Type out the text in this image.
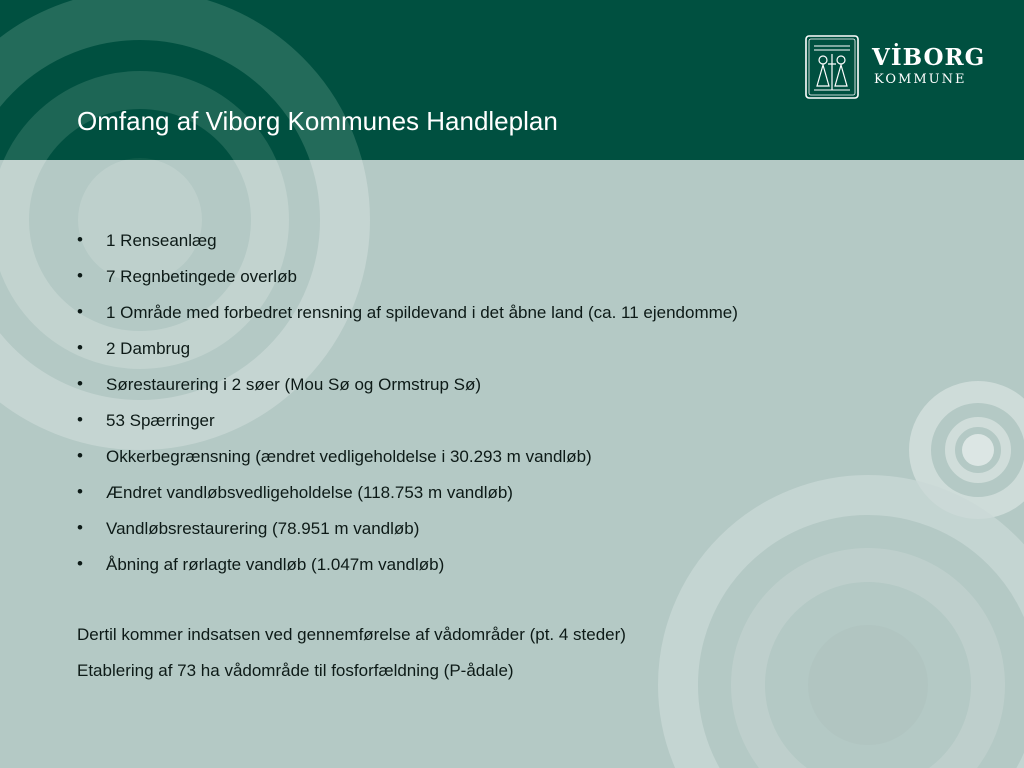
Omfang af Viborg Kommunes Handleplan
VİBORG
KOMMUNE
• 1 Renseanlæg
• 7 Regnbetingede overløb
• 1 Område med forbedret rensning af spildevand i det åbne land (ca. 11 ejendomme)
• 2 Dambrug
• Sørestaurering i 2 søer (Mou Sø og Ormstrup Sø)
• 53 Spærringer
• Okkerbegrænsning (ændret vedligeholdelse i 30.293 m vandløb)
• Ændret vandløbsvedligeholdelse (118.753 m vandløb)
• Vandløbsrestaurering (78.951 m vandløb)
• Åbning af rørlagte vandløb (1.047m vandløb)

Dertil kommer indsatsen ved gennemførelse af vådområder (pt. 4 steder)

Etablering af 73 ha vådområde til fosforfældning (P-ådale)
